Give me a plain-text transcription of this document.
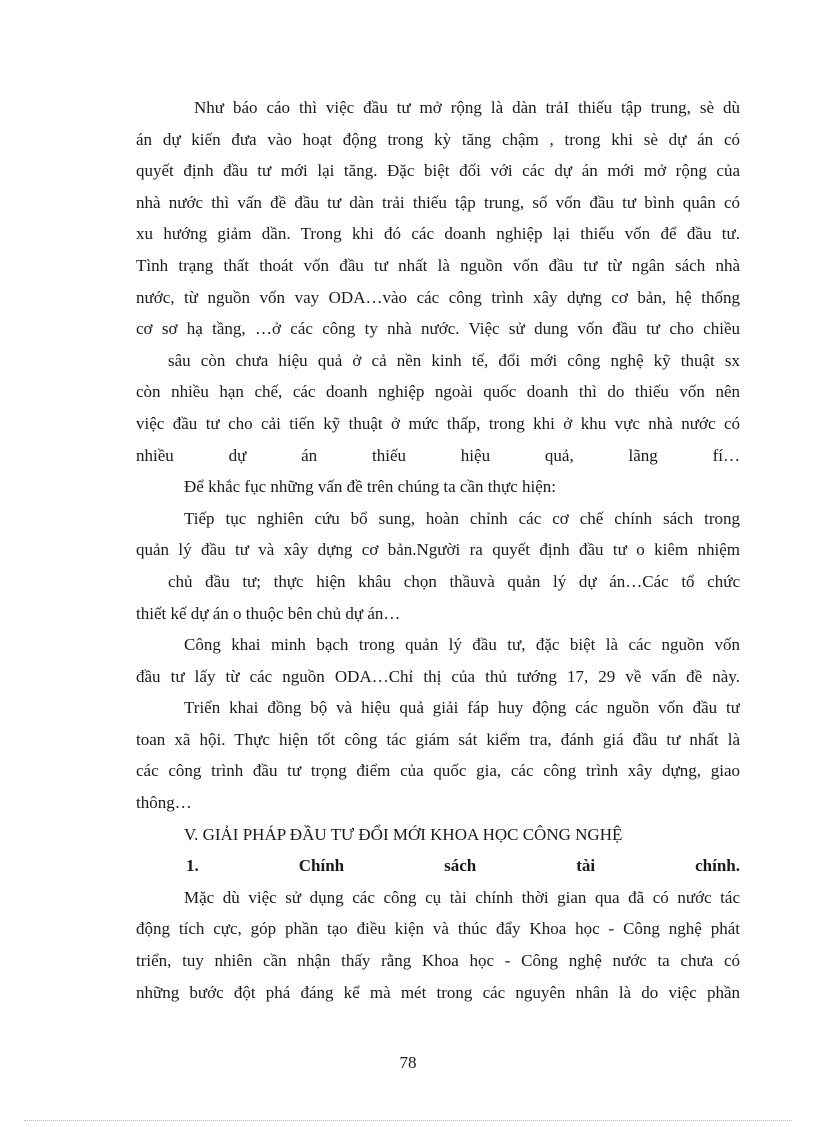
Như báo cáo thì việc đầu tư mở rộng là dàn trảI thiếu tập trung, sè dù
án dự kiến đưa vào hoạt động trong kỳ tăng chậm , trong khi sè dự án có
quyết định đầu tư mới lại tăng. Đặc biệt đối với các dự án mới mở rộng của
nhà nước thì vấn đề đầu tư dàn trải thiếu tập trung, số vốn đầu tư bình quân có
xu hướng giảm dần. Trong khi đó các doanh nghiệp lại thiếu vốn để đầu tư.
Tình trạng thất thoát vốn đầu tư nhất là nguồn vốn đầu tư từ ngân sách nhà
nước, từ nguồn vốn vay ODA…vào các công trình xây dựng cơ bản, hệ thống
cơ sơ hạ tầng, …ở các công ty nhà nước. Việc sử dung vốn đầu tư cho chiều
sâu còn chưa hiệu quả ở cả nền kinh tế, đổi mới công nghệ kỹ thuật sx
còn nhiều hạn chế, các doanh nghiệp ngoài quốc doanh thì do thiếu vốn nên
việc đầu tư cho cải tiến kỹ thuật ở mức thấp, trong khi ở khu vực nhà nước có
nhiều dự án thiếu hiệu quả, lãng fí…
Để khắc fục những vấn đề trên chúng ta cần thực hiện:
Tiếp tục nghiên cứu bổ sung, hoàn chỉnh các cơ chế chính sách trong
quản lý đầu tư và xây dựng cơ bản.Người ra quyết định đầu tư o kiêm nhiệm
chủ đầu tư; thực hiện khâu chọn thầuvà quản lý dự án…Các tổ chức
thiết kế dự án o thuộc bên chủ dự án…
Công khai minh bạch trong quản lý đầu tư, đặc biệt là các nguồn vốn
đầu tư lấy từ các nguồn ODA…Chỉ thị của thủ tướng 17, 29 về vấn đề này.
Triển khai đồng bộ và hiệu quả giải fáp huy động các nguồn vốn đầu tư
toan xã hội. Thực hiện tốt công tác giám sát kiểm tra, đánh giá đầu tư nhất là
các công trình đầu tư trọng điểm của quốc gia, các công trình xây dựng, giao
thông…
V. GIẢI PHÁP ĐẦU TƯ ĐỔI MỚI KHOA HỌC CÔNG NGHỆ
1. Chính sách tài chính.
Mặc dù việc sử dụng các công cụ tài chính thời gian qua đã có nước tác
động tích cực, góp phần tạo điều kiện và thúc đẩy Khoa học - Công nghệ phát
triển, tuy nhiên cần nhận thấy rằng Khoa học - Công nghệ nước ta chưa có
những bước đột phá đáng kể mà mét trong các nguyên nhân là do việc phần
78
